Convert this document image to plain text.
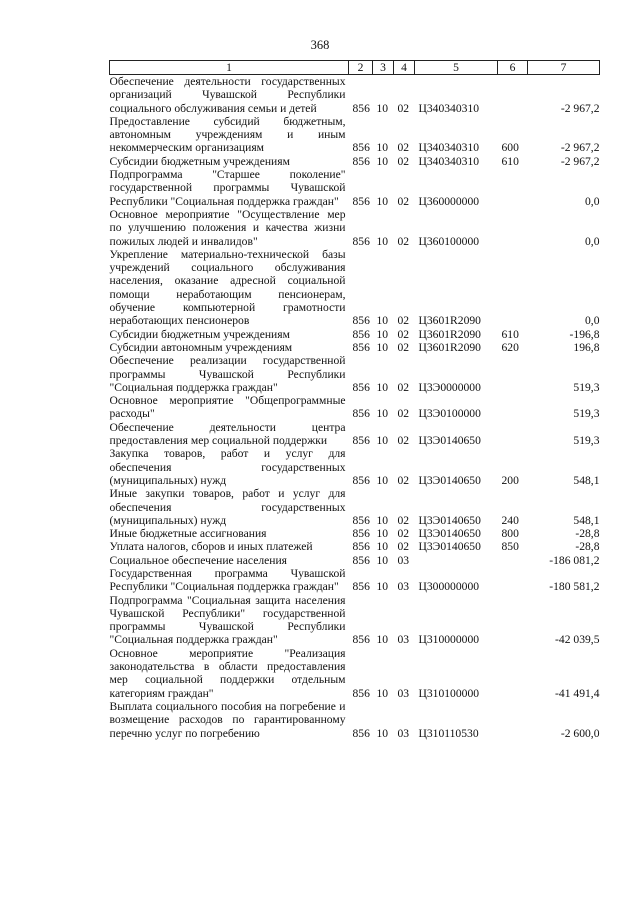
368
1	2	3	4	5	6	7
Обеспечение деятельности государственных организаций Чувашской Республики социального обслуживания семьи и детей	856	10	02	Ц340340310		-2 967,2
Предоставление субсидий бюджетным, автономным учреждениям и иным некоммерческим организациям	856	10	02	Ц340340310	600	-2 967,2
Субсидии бюджетным учреждениям	856	10	02	Ц340340310	610	-2 967,2
Подпрограмма "Старшее поколение" государственной программы Чувашской Республики "Социальная поддержка граждан"	856	10	02	Ц360000000		0,0
Основное мероприятие "Осуществление мер по улучшению положения и качества жизни пожилых людей и инвалидов"	856	10	02	Ц360100000		0,0
Укрепление материально-технической базы учреждений социального обслуживания населения, оказание адресной социальной помощи неработающим пенсионерам, обучение компьютерной грамотности неработающих пенсионеров	856	10	02	Ц3601R2090		0,0
Субсидии бюджетным учреждениям	856	10	02	Ц3601R2090	610	-196,8
Субсидии автономным учреждениям	856	10	02	Ц3601R2090	620	196,8
Обеспечение реализации государственной программы Чувашской Республики "Социальная поддержка граждан"	856	10	02	Ц3Э0000000		519,3
Основное мероприятие "Общепрограммные расходы"	856	10	02	Ц3Э0100000		519,3
Обеспечение деятельности центра предоставления мер социальной поддержки	856	10	02	Ц3Э0140650		519,3
Закупка товаров, работ и услуг для обеспечения государственных (муниципальных) нужд	856	10	02	Ц3Э0140650	200	548,1
Иные закупки товаров, работ и услуг для обеспечения государственных (муниципальных) нужд	856	10	02	Ц3Э0140650	240	548,1
Иные бюджетные ассигнования	856	10	02	Ц3Э0140650	800	-28,8
Уплата налогов, сборов и иных платежей	856	10	02	Ц3Э0140650	850	-28,8
Социальное обеспечение населения	856	10	03			-186 081,2
Государственная программа Чувашской Республики "Социальная поддержка граждан"	856	10	03	Ц300000000		-180 581,2
Подпрограмма "Социальная защита населения Чувашской Республики" государственной программы Чувашской Республики "Социальная поддержка граждан"	856	10	03	Ц310000000		-42 039,5
Основное мероприятие "Реализация законодательства в области предоставления мер социальной поддержки отдельным категориям граждан"	856	10	03	Ц310100000		-41 491,4
Выплата социального пособия на погребение и возмещение расходов по гарантированному перечню услуг по погребению	856	10	03	Ц310110530		-2 600,0
